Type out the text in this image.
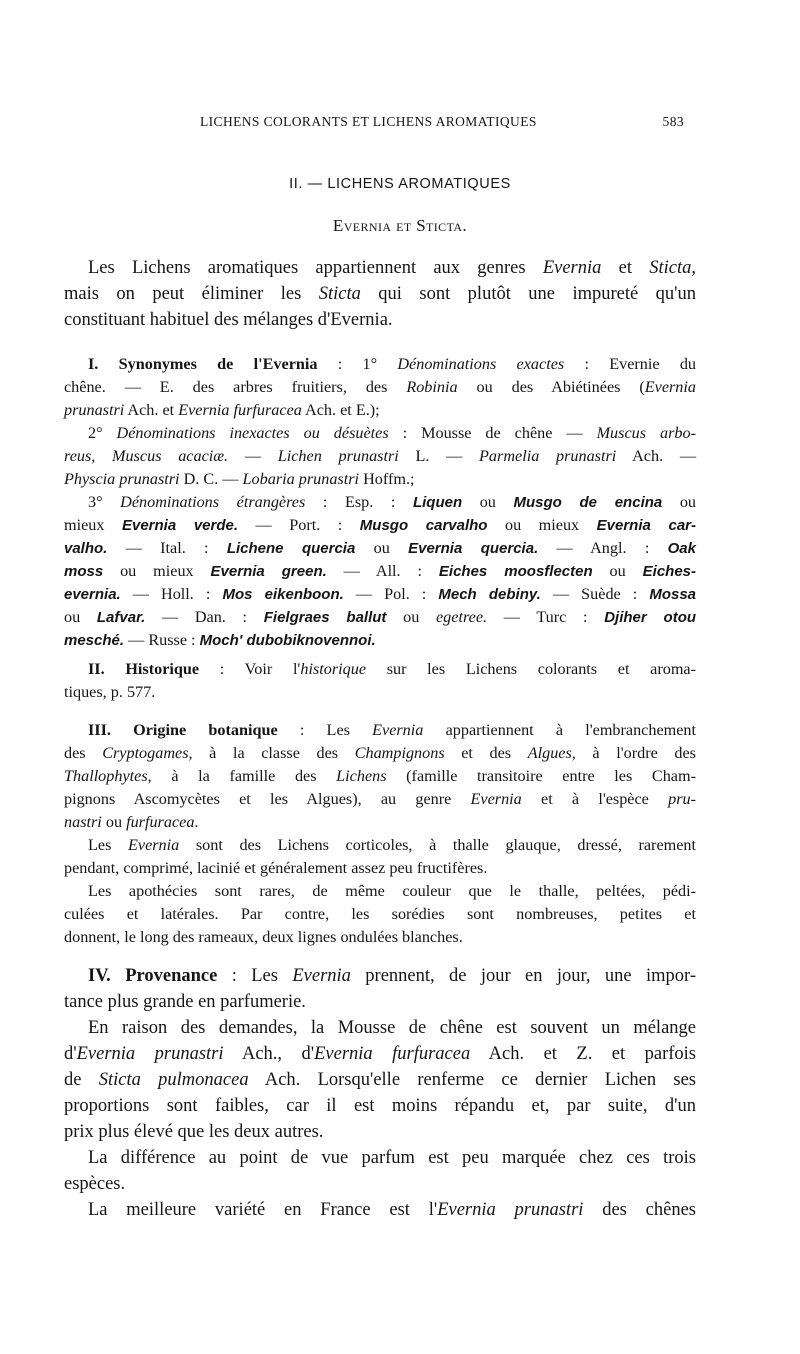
LICHENS COLORANTS ET LICHENS AROMATIQUES	583
II. — LICHENS AROMATIQUES
Evernia et Sticta.
Les Lichens aromatiques appartiennent aux genres Evernia et Sticta,
mais on peut éliminer les Sticta qui sont plutôt une impureté qu'un
constituant habituel des mélanges d'Evernia.
I. Synonymes de l'Evernia : 1° Dénominations exactes : Evernie du
chêne. — E. des arbres fruitiers, des Robinia ou des Abiétinées (Evernia
prunastri Ach. et Evernia furfuracea Ach. et E.);
2° Dénominations inexactes ou désuètes : Mousse de chêne — Muscus arbo-
reus, Muscus acaciæ. — Lichen prunastri L. — Parmelia prunastri Ach. —
Physcia prunastri D. C. — Lobaria prunastri Hoffm.;
3° Dénominations étrangères : Esp. : Liquen ou Musgo de encina ou
mieux Evernia verde. — Port. : Musgo carvalho ou mieux Evernia car-
valho. — Ital. : Lichene quercia ou Evernia quercia. — Angl. : Oak
moss ou mieux Evernia green. — All. : Eiches moosflecten ou Eiches-
evernia. — Holl. : Mos eikenboon. — Pol. : Mech debiny. — Suède : Mossa
ou Lafvar. — Dan. : Fielgraes ballut ou egetree. — Turc : Djiher otou
mesché. — Russe : Moch' dubobiknovennoi.
II. Historique : Voir l'historique sur les Lichens colorants et aroma-
tiques, p. 577.
III. Origine botanique : Les Evernia appartiennent à l'embranchement
des Cryptogames, à la classe des Champignons et des Algues, à l'ordre des
Thallophytes, à la famille des Lichens (famille transitoire entre les Cham-
pignons Ascomycètes et les Algues), au genre Evernia et à l'espèce pru-
nastri ou furfuracea.
Les Evernia sont des Lichens corticoles, à thalle glauque, dressé, rarement
pendant, comprimé, lacinié et généralement assez peu fructifères.
Les apothécies sont rares, de même couleur que le thalle, peltées, pédi-
culées et latérales. Par contre, les sorédies sont nombreuses, petites et
donnent, le long des rameaux, deux lignes ondulées blanches.
IV. Provenance : Les Evernia prennent, de jour en jour, une impor-
tance plus grande en parfumerie.
En raison des demandes, la Mousse de chêne est souvent un mélange
d'Evernia prunastri Ach., d'Evernia furfuracea Ach. et Z. et parfois
de Sticta pulmonacea Ach. Lorsqu'elle renferme ce dernier Lichen ses
proportions sont faibles, car il est moins répandu et, par suite, d'un
prix plus élevé que les deux autres.
La différence au point de vue parfum est peu marquée chez ces trois
espèces.
La meilleure variété en France est l'Evernia prunastri des chênes
